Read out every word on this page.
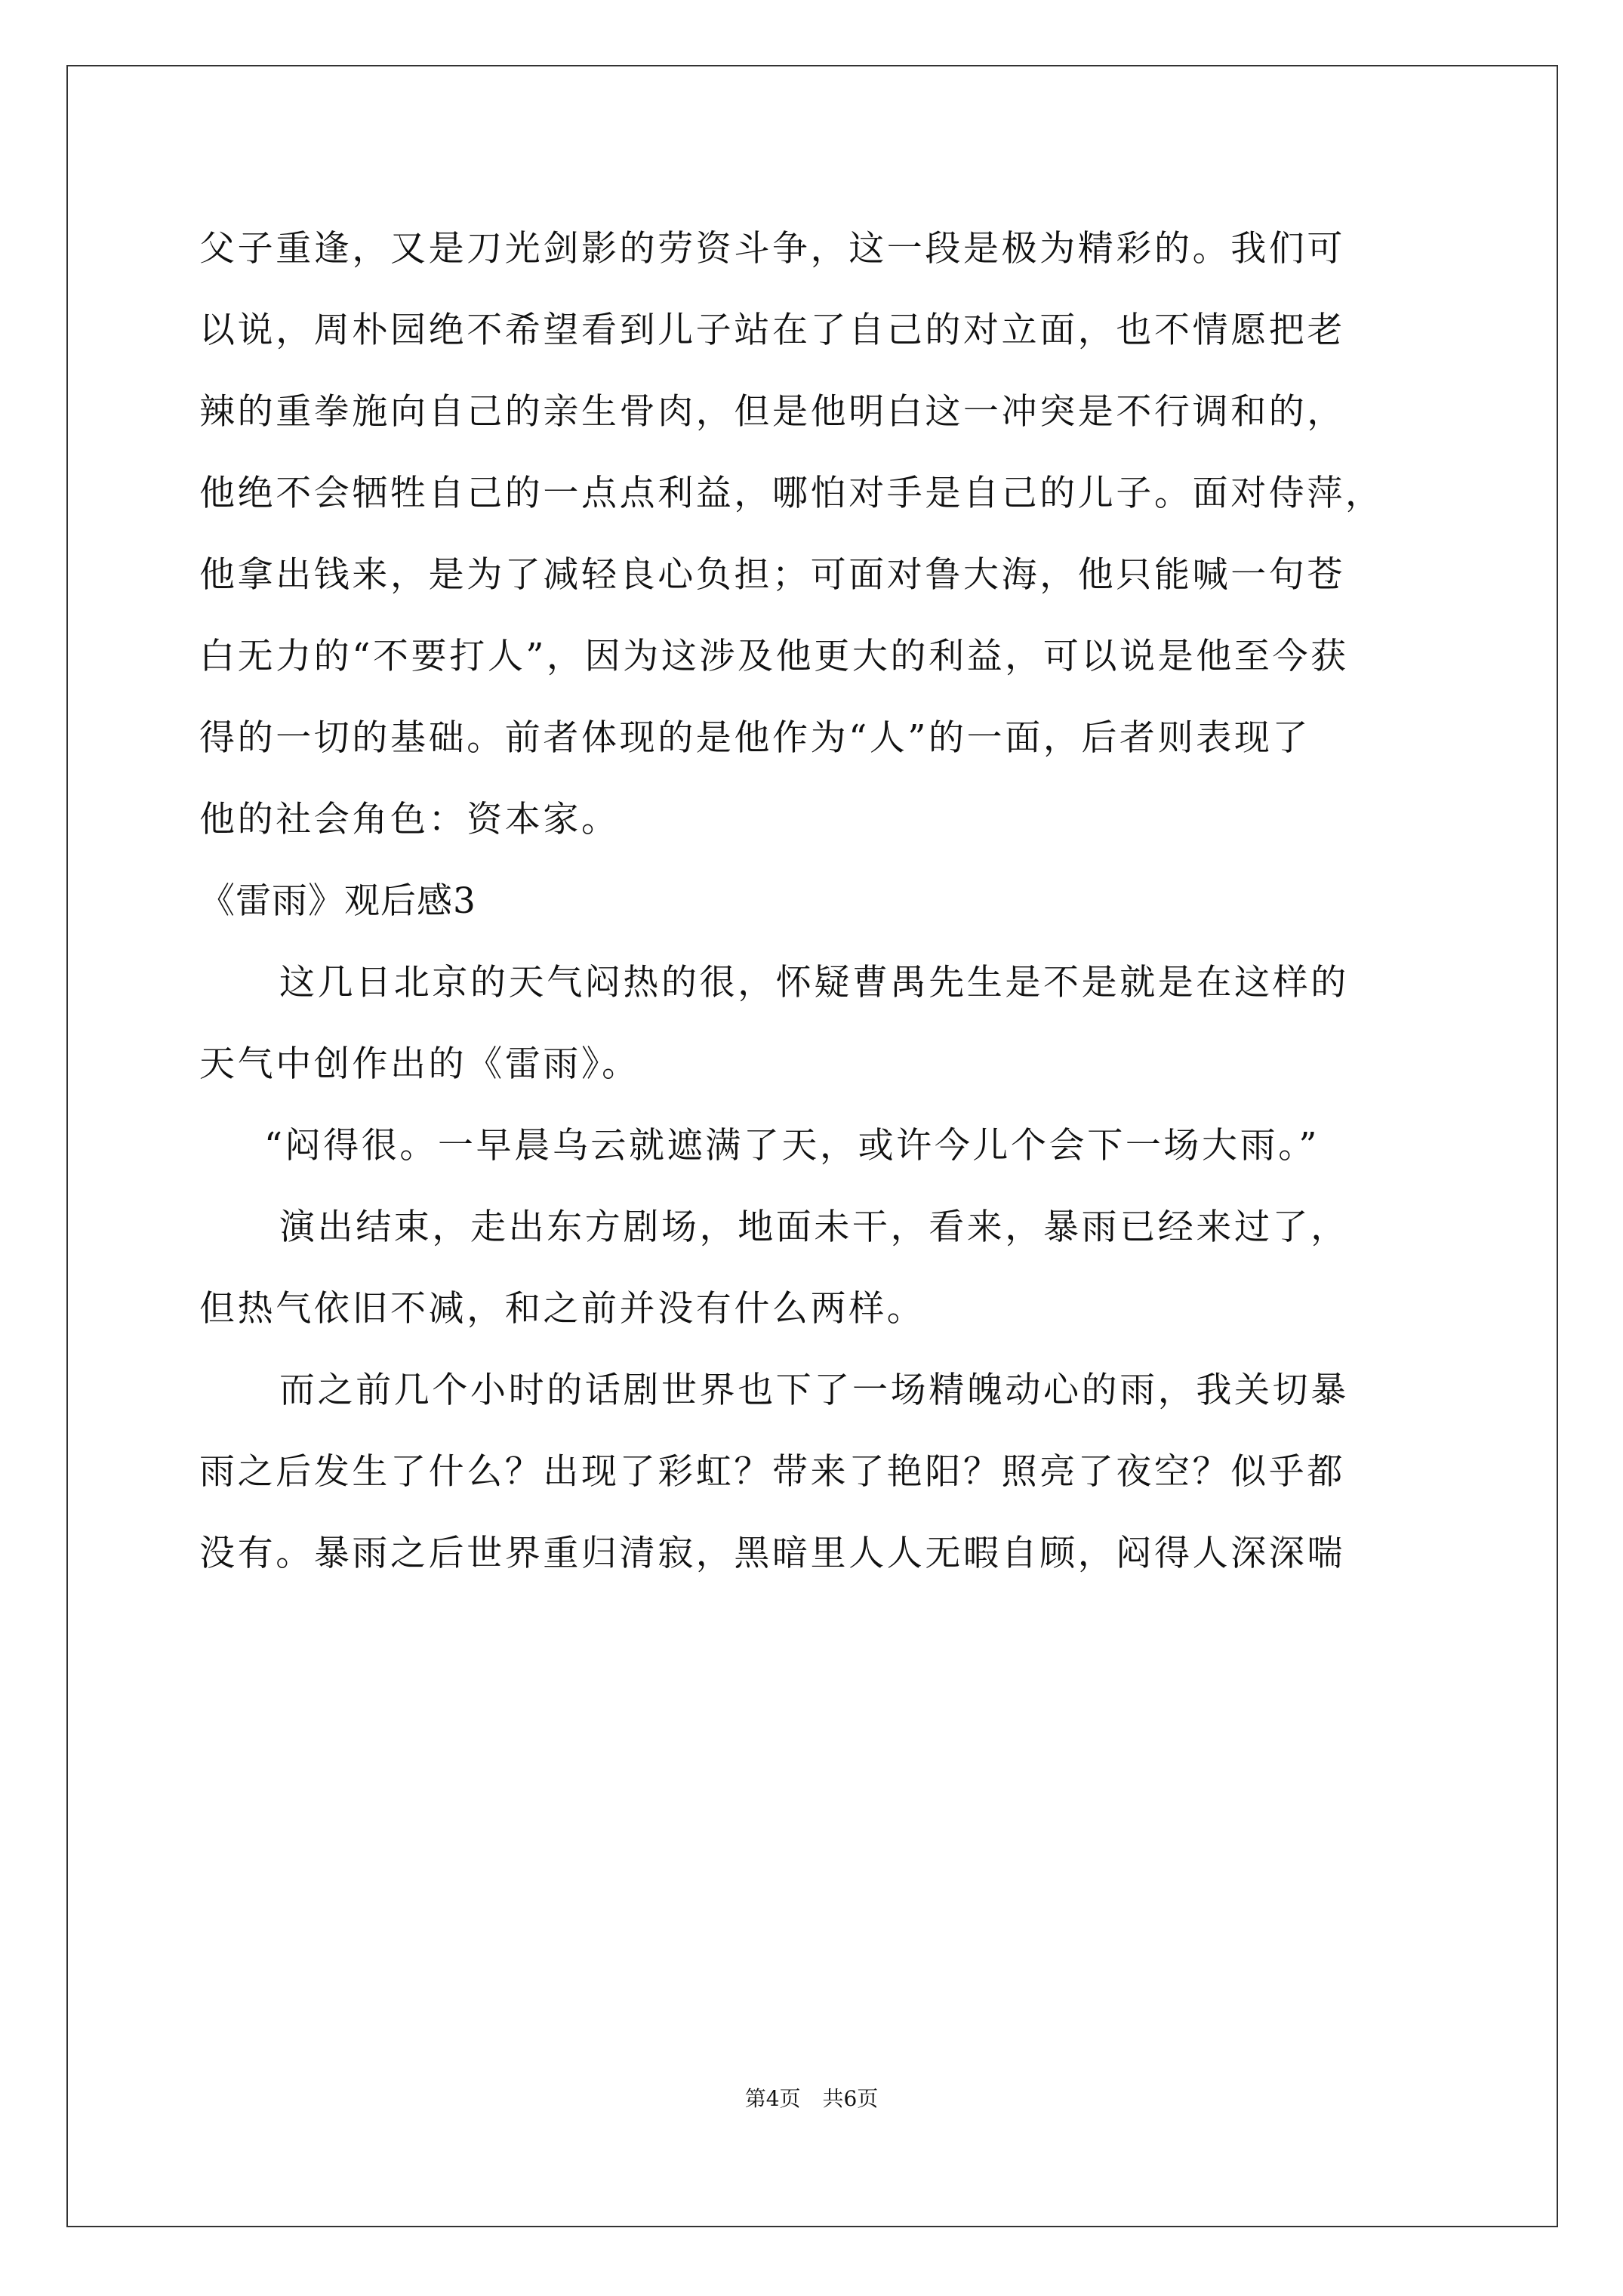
父子重逢，又是刀光剑影的劳资斗争，这一段是极为精彩的。我们可
以说，周朴园绝不希望看到儿子站在了自己的对立面，也不情愿把老
辣的重拳施向自己的亲生骨肉，但是他明白这一冲突是不行调和的，
他绝不会牺牲自己的一点点利益，哪怕对手是自己的儿子。面对侍萍，
他拿出钱来，是为了减轻良心负担；可面对鲁大海，他只能喊一句苍
白无力的“不要打人”，因为这涉及他更大的利益，可以说是他至今获
得的一切的基础。前者体现的是他作为“人”的一面，后者则表现了
他的社会角色：资本家。
《雷雨》观后感3
这几日北京的天气闷热的很，怀疑曹禺先生是不是就是在这样的
天气中创作出的《雷雨》。
“闷得很。一早晨乌云就遮满了天，或许今儿个会下一场大雨。”
演出结束，走出东方剧场，地面未干，看来，暴雨已经来过了，
但热气依旧不减，和之前并没有什么两样。
而之前几个小时的话剧世界也下了一场精魄动心的雨，我关切暴
雨之后发生了什么？出现了彩虹？带来了艳阳？照亮了夜空？似乎都
没有。暴雨之后世界重归清寂，黑暗里人人无暇自顾，闷得人深深喘
第4页 共6页
